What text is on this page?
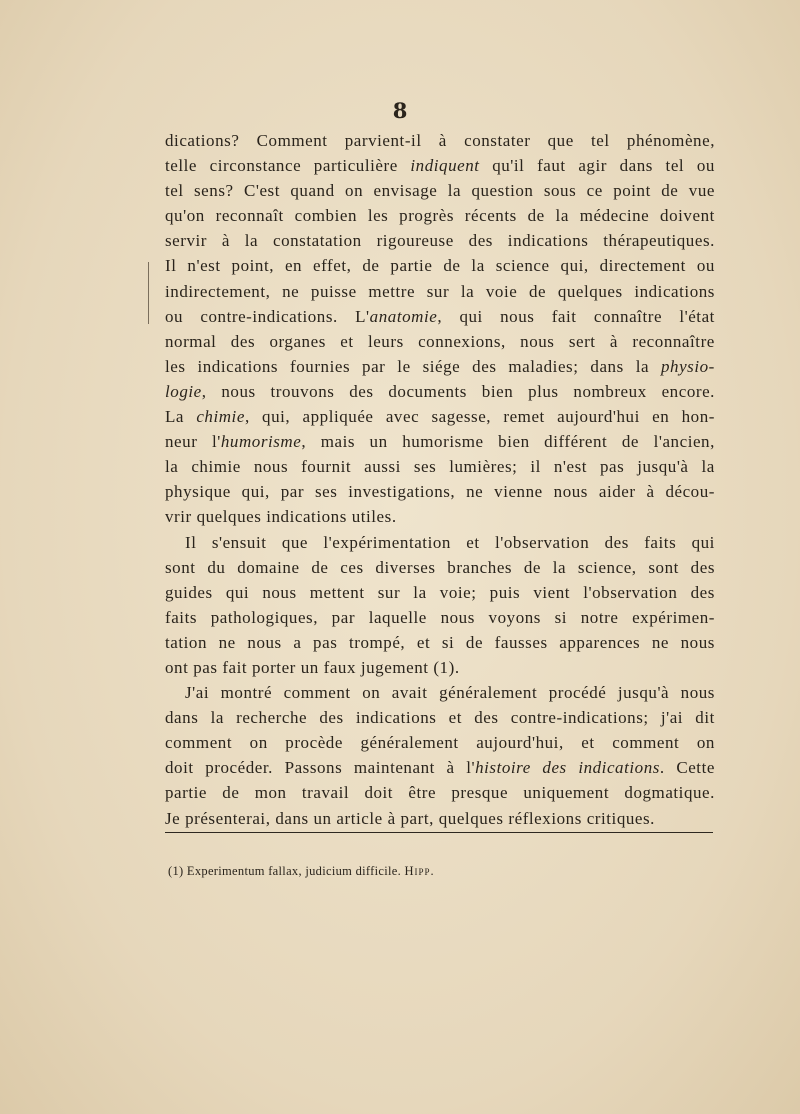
8
dications? Comment parvient-il à constater que tel phénomène,
telle circonstance particulière indiquent qu'il faut agir dans tel ou
tel sens? C'est quand on envisage la question sous ce point de vue
qu'on reconnaît combien les progrès récents de la médecine doivent
servir à la constatation rigoureuse des indications thérapeutiques.
Il n'est point, en effet, de partie de la science qui, directement ou
indirectement, ne puisse mettre sur la voie de quelques indications
ou contre-indications. L'anatomie, qui nous fait connaître l'état
normal des organes et leurs connexions, nous sert à reconnaître
les indications fournies par le siége des maladies; dans la physio-
logie, nous trouvons des documents bien plus nombreux encore.
La chimie, qui, appliquée avec sagesse, remet aujourd'hui en hon-
neur l'humorisme, mais un humorisme bien différent de l'ancien,
la chimie nous fournit aussi ses lumières; il n'est pas jusqu'à la
physique qui, par ses investigations, ne vienne nous aider à décou-
vrir
quelques
indications
utiles.
Il s'ensuit que l'expérimentation et l'observation des faits qui
sont du domaine de ces diverses branches de la science, sont des
guides qui nous mettent sur la voie; puis vient l'observation des
faits pathologiques, par laquelle nous voyons si notre expérimen-
tation ne nous a pas trompé, et si de fausses apparences ne nous
ont
pas
fait
porter
un
faux
jugement
(1).
J'ai montré comment on avait généralement procédé jusqu'à nous
dans la recherche des indications et des contre-indications; j'ai dit
comment on procède généralement aujourd'hui, et comment on
doit procéder. Passons maintenant à l'histoire des indications. Cette
partie de mon travail doit être presque uniquement dogmatique.
Je
présenterai,
dans
un
article
à
part,
quelques
réflexions
critiques.
(1) Experimentum fallax, judicium difficile. Hipp.
